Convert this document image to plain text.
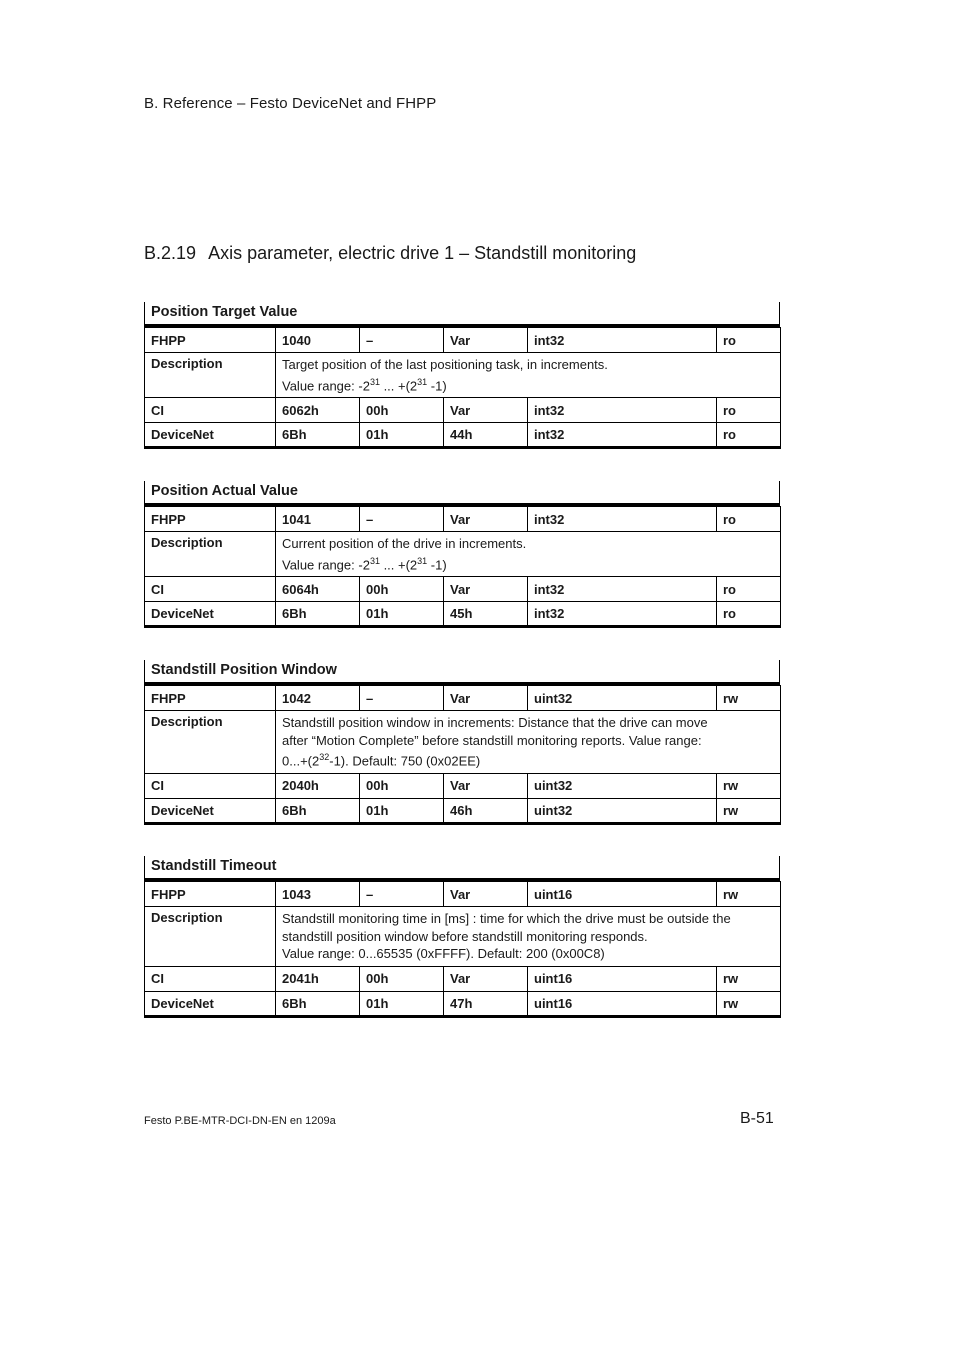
B. Reference – Festo DeviceNet and FHPP
B.2.19 Axis parameter, electric drive 1 – Standstill monitoring
Position Target Value
FHPP	1040	–	Var	int32	ro
Description	Target position of the last positioning task, in increments.
Value range: $-2^{31}$ ... $+(2^{31}$ -1)				

CI	6062h	00h	Var	int32	ro
DeviceNet	6Bh	01h	44h	int32	ro
Position Actual Value
FHPP	1041	–	Var	int32	ro
Description	Current position of the drive in increments.
Value range: $-2^{31}$ ... $+(2^{31}$ -1)				

CI	6064h	00h	Var	int32	ro
DeviceNet	6Bh	01h	45h	int32	ro
Standstill Position Window
FHPP	1042	–	Var	uint32	rw
Description	Standstill position window in increments: Distance that the drive can move
after “Motion Complete” before standstill monitoring reports. Value range:
$0...+(2^{32}-1)$. Default: 750 (0x02EE)				

CI	2040h	00h	Var	uint32	rw
DeviceNet	6Bh	01h	46h	uint32	rw
Standstill Timeout
FHPP	1043	–	Var	uint16	rw
Description	Standstill monitoring time in [ms] : time for which the drive must be outside the
standstill position window before standstill monitoring responds.
Value range: 0...65535 (0xFFFF). Default: 200 (0x00C8)				

CI	2041h	00h	Var	uint16	rw
DeviceNet	6Bh	01h	47h	uint16	rw
Festo P.BE-MTR-DCI-DN-EN en 1209a	B-51
